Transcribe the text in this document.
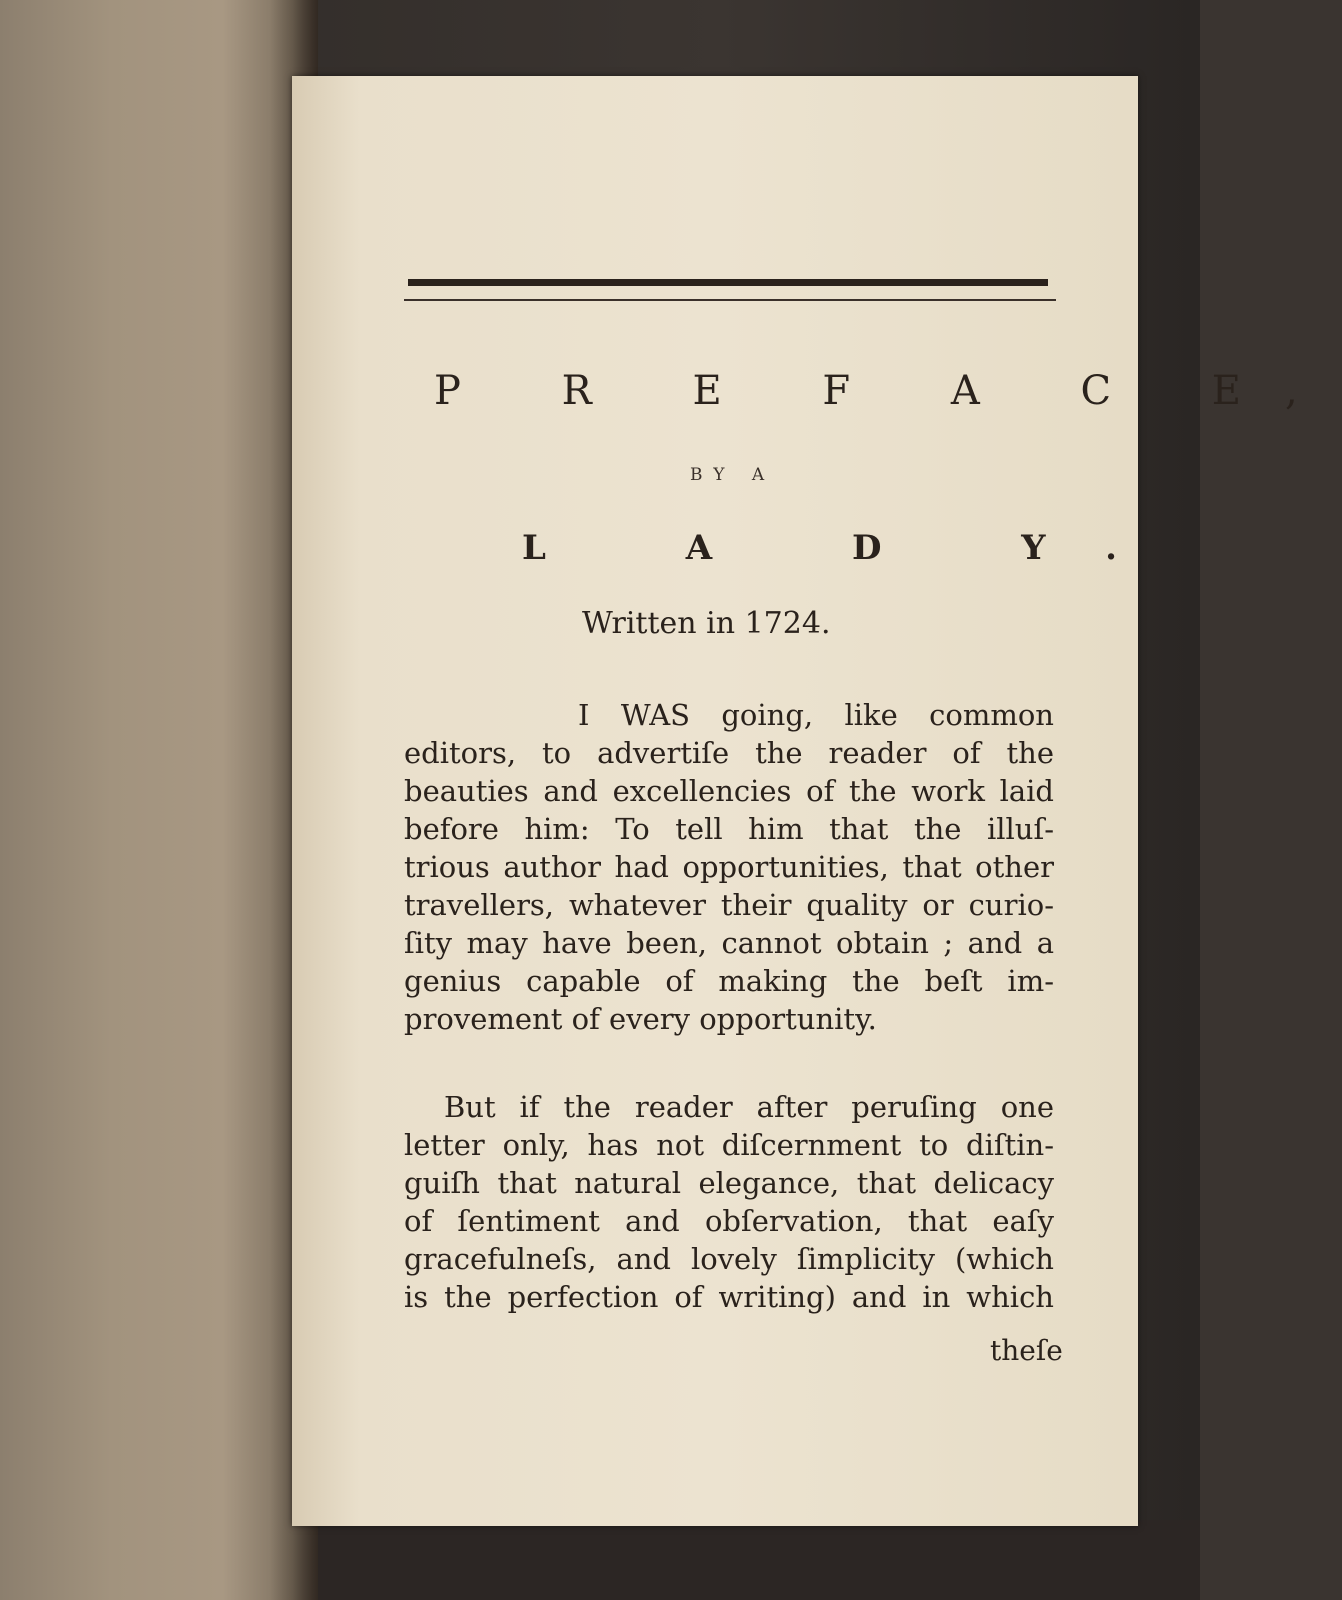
P R E F A C E,
BY A
L A D Y.
Written in 1724.
I WAS going, like common
editors, to advertiſe the reader of the
beauties and excellencies of the work laid
before him: To tell him that the illuſ-
trious author had opportunities, that other
travellers, whatever their quality or curio-
ſity may have been, cannot obtain ; and a
genius capable of making the beſt im-
provement of every opportunity.
But if the reader after peruſing one
letter only, has not diſcernment to diſtin-
guiſh that natural elegance, that delicacy
of ſentiment and obſervation, that eaſy
gracefulneſs, and lovely ſimplicity (which
is the perfection of writing) and in which
theſe
